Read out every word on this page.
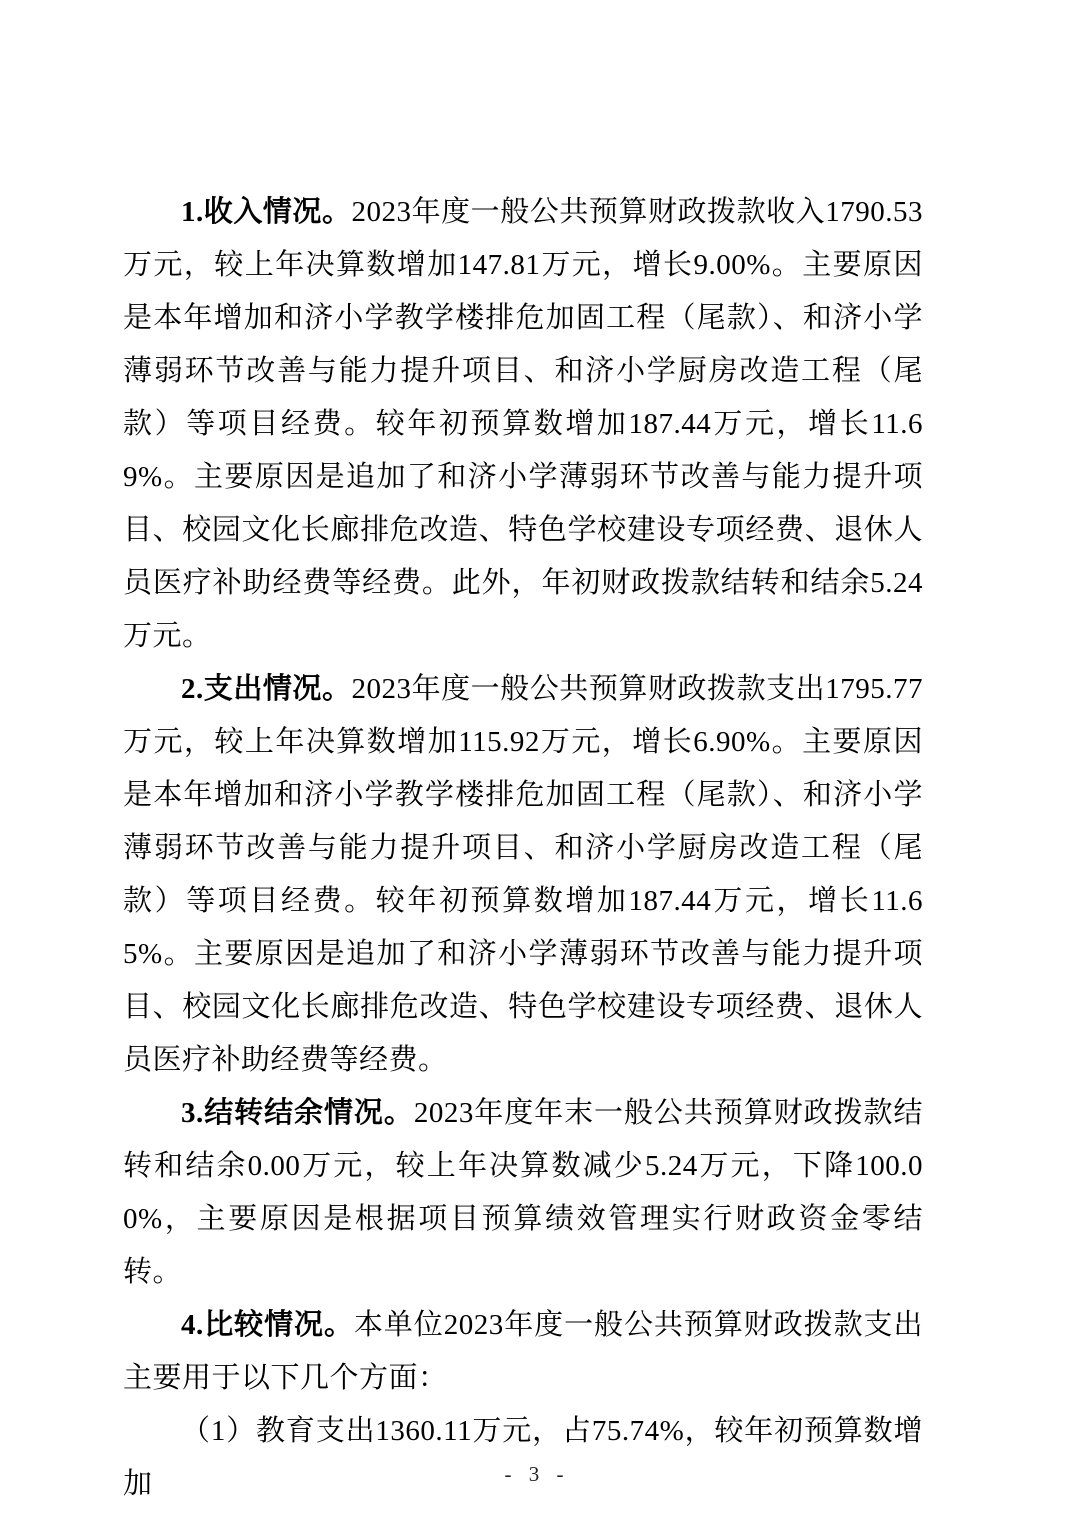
1.收入情况。2023年度一般公共预算财政拨款收入1790.53万元，较上年决算数增加147.81万元，增长9.00%。主要原因是本年增加和济小学教学楼排危加固工程（尾款）、和济小学薄弱环节改善与能力提升项目、和济小学厨房改造工程（尾款）等项目经费。较年初预算数增加187.44万元，增长11.69%。主要原因是追加了和济小学薄弱环节改善与能力提升项目、校园文化长廊排危改造、特色学校建设专项经费、退休人员医疗补助经费等经费。此外，年初财政拨款结转和结余5.24万元。

2.支出情况。2023年度一般公共预算财政拨款支出1795.77万元，较上年决算数增加115.92万元，增长6.90%。主要原因是本年增加和济小学教学楼排危加固工程（尾款）、和济小学薄弱环节改善与能力提升项目、和济小学厨房改造工程（尾款）等项目经费。较年初预算数增加187.44万元，增长11.65%。主要原因是追加了和济小学薄弱环节改善与能力提升项目、校园文化长廊排危改造、特色学校建设专项经费、退休人员医疗补助经费等经费。

3.结转结余情况。2023年度年末一般公共预算财政拨款结转和结余0.00万元，较上年决算数减少5.24万元，下降100.00%，主要原因是根据项目预算绩效管理实行财政资金零结转。

4.比较情况。本单位2023年度一般公共预算财政拨款支出主要用于以下几个方面：

（1）教育支出1360.11万元，占75.74%，较年初预算数增加	- 3 -
